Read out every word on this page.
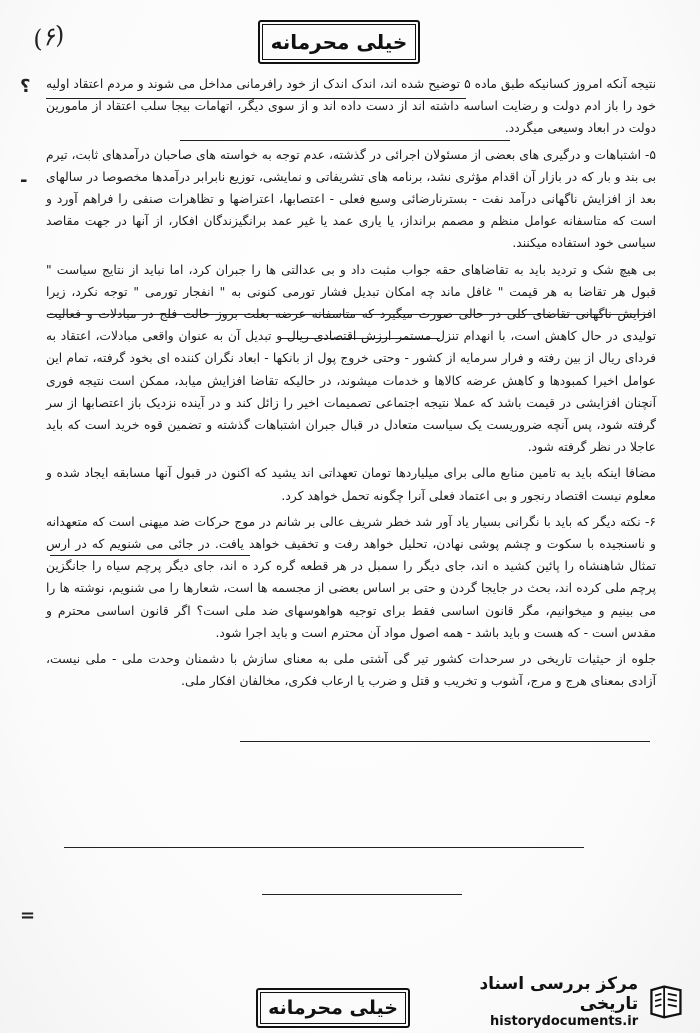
(۶)	خیلی محرمانه
؟
-
=

نتیجه آنکه امروز کسانیکه طبق ماده ۵ توضیح شده اند، اندک اندک از خود رافرمانی مداخل می شوند و مردم اعتقاد اولیه خود را باز ادم دولت و رضایت اساسه داشته اند از دست داده اند و از سوی دیگر، اتهامات بیجا سلب اعتقاد از مامورین دولت در ابعاد وسیعی میگردد.

۵- اشتباهات و درگیری های بعضی از مسئولان اجرائی در گذشته، عدم توجه به خواسته های صاحبان درآمدهای ثابت، تیرم بی بند و بار که در بازار آن اقدام مؤثری نشد، برنامه های تشریفاتی و نمایشی، توزیع نابرابر درآمدها مخصوصا در سالهای بعد از افزایش ناگهانی درآمد نفت - بسترنارضائی وسیع فعلی - اعتصابها، اعتراضها و تظاهرات صنفی را فراهم آورد و است که متاسفانه عوامل منظم و مصمم برانداز، یا یاری عمد یا غیر عمد برانگیزندگان افکار، از آنها در جهت مقاصد سیاسی خود استفاده میکنند.

بی هیچ شک و تردید باید به تقاضاهای حقه جواب مثبت داد و بی عدالتی ها را جبران کرد، اما نباید از نتایج سیاست " قبول هر تقاضا به هر قیمت " غافل ماند چه امکان تبدیل فشار تورمی کنونی به " انفجار تورمی " توجه نکرد، زیرا افزایش ناگهانی تقاضای کلی در حالی صورت میگیرد که متاسفانه عرضه بعلت بروز حالت فلج در مبادلات و فعالیت تولیدی در حال کاهش است، با انهدام تنزل مستمر ارزش اقتصادی ریال و تبدیل آن به عنوان واقعی مبادلات، اعتقاد به فردای ریال از بین رفته و فرار سرمایه از کشور - وحتی خروج پول از بانکها - ابعاد نگران کننده ای بخود گرفته، تمام این عوامل اخیرا کمبودها و کاهش عرضه کالاها و خدمات میشوند، در حالیکه تقاضا افزایش میابد، ممکن است نتیجه فوری آنچنان افزایشی در قیمت باشد که عملا نتیجه اجتماعی تصمیمات اخیر را زائل کند و در آینده نزدیک باز اعتصابها از سر گرفته شود، پس آنچه ضروریست یک سیاست متعادل در قبال جبران اشتباهات گذشته و تضمین قوه خرید است که باید عاجلا در نظر گرفته شود.

مضافا اینکه باید به تامین منابع مالی برای میلیاردها تومان تعهداتی اند یشید که اکنون در قبول آنها مسابقه ایجاد شده و معلوم نیست اقتصاد رنجور و بی اعتماد فعلی آنرا چگونه تحمل خواهد کرد.

۶- نکته دیگر که باید با نگرانی بسیار یاد آور شد خطر شریف عالی بر شانم در موج حرکات ضد میهنی است که متعهدانه و ناسنجیده با سکوت و چشم پوشی نهادن، تحلیل خواهد رفت و تخفیف خواهد یافت. در جائی می شنویم که در ارس تمثال شاهنشاه را پائین کشید ه اند، جای دیگر را سمبل در هر قطعه گره کرد ه اند، جای دیگر پرچم سیاه را جانگزین پرچم ملی کرده اند، بحث در جایجا گردن و حتی بر اساس بعضی از مجسمه ها است، شعارها را می شنویم، نوشته ها را می بینیم و میخوانیم، مگر قانون اساسی فقط برای توجیه هواهوسهای ضد ملی است؟ اگر قانون اساسی محترم و مقدس است - که هست و باید باشد - همه اصول مواد آن محترم است و باید اجرا شود.

جلوه از حیثیات تاریخی در سرحدات کشور تیر گی آشتی ملی به معنای سازش با دشمنان وحدت ملی - ملی نیست، آزادی بمعنای هرج و مرج، آشوب و تخریب و قتل و ضرب یا ارعاب فکری، مخالفان افکار ملی.

خیلی محرمانه
مرکز بررسی اسناد تاریخی
historydocuments.ir
